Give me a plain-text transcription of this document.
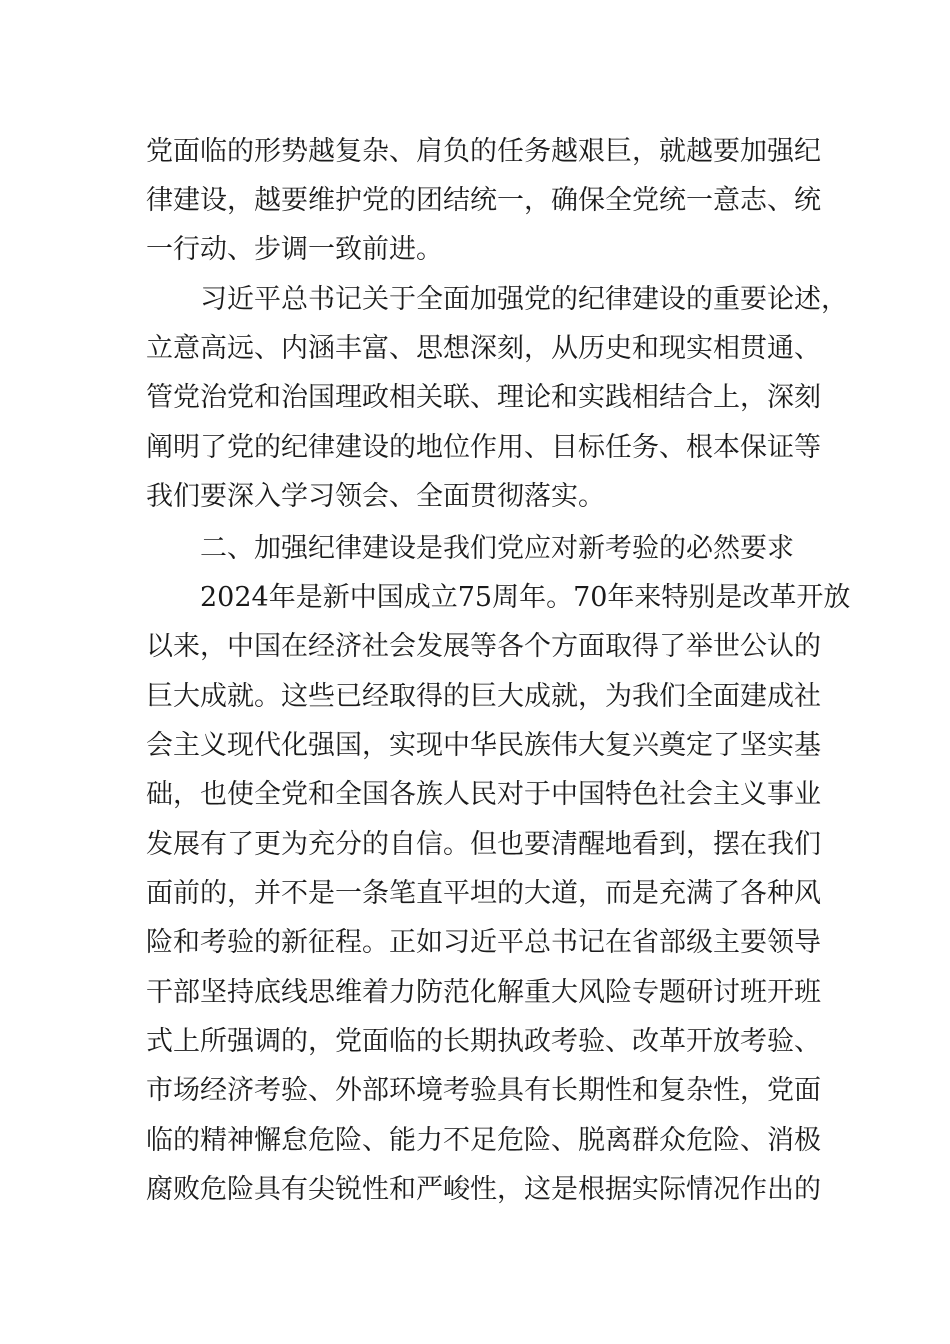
党面临的形势越复杂、肩负的任务越艰巨，就越要加强纪
律建设，越要维护党的团结统一，确保全党统一意志、统
一行动、步调一致前进。
习近平总书记关于全面加强党的纪律建设的重要论述，
立意高远、内涵丰富、思想深刻，从历史和现实相贯通、
管党治党和治国理政相关联、理论和实践相结合上，深刻
阐明了党的纪律建设的地位作用、目标任务、根本保证等
我们要深入学习领会、全面贯彻落实。
二、加强纪律建设是我们党应对新考验的必然要求
2024年是新中国成立75周年。70年来特别是改革开放
以来，中国在经济社会发展等各个方面取得了举世公认的
巨大成就。这些已经取得的巨大成就，为我们全面建成社
会主义现代化强国，实现中华民族伟大复兴奠定了坚实基
础，也使全党和全国各族人民对于中国特色社会主义事业
发展有了更为充分的自信。但也要清醒地看到，摆在我们
面前的，并不是一条笔直平坦的大道，而是充满了各种风
险和考验的新征程。正如习近平总书记在省部级主要领导
干部坚持底线思维着力防范化解重大风险专题研讨班开班
式上所强调的，党面临的长期执政考验、改革开放考验、
市场经济考验、外部环境考验具有长期性和复杂性，党面
临的精神懈怠危险、能力不足危险、脱离群众危险、消极
腐败危险具有尖锐性和严峻性，这是根据实际情况作出的
